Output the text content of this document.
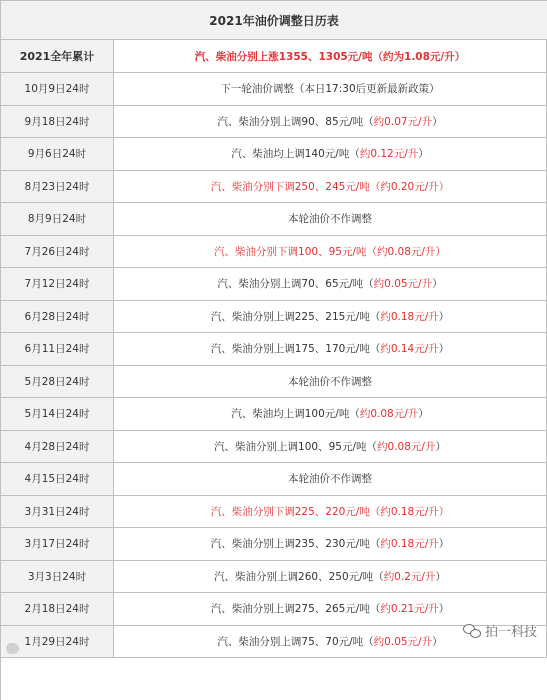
2021年油价调整日历表
2021全年累计	汽、柴油分别上涨1355、1305元/吨（约为1.08元/升）
10月9日24时	下一轮油价调整（本日17:30后更新最新政策）
9月18日24时	汽、柴油分别上调90、85元/吨（ 约0.07元/升 ）
9月6日24时	汽、柴油均上调140元/吨（ 约0.12元/升 ）
8月23日24时	汽、柴油分别下调250、245元/吨（约0.20元/升）
8月9日24时	本轮油价不作调整
7月26日24时	汽、柴油分别下调100、95元/吨（约0.08元/升）
7月12日24时	汽、柴油分别上调70、65元/吨（ 约0.05元/升 ）
6月28日24时	汽、柴油分别上调225、215元/吨（ 约0.18元/升 ）
6月11日24时	汽、柴油分别上调175、170元/吨（ 约0.14元/升 ）
5月28日24时	本轮油价不作调整
5月14日24时	汽、柴油均上调100元/吨（ 约0.08元/升 ）
4月28日24时	汽、柴油分别上调100、95元/吨（ 约0.08元/升 ）
4月15日24时	本轮油价不作调整
3月31日24时	汽、柴油分别下调225、220元/吨（约0.18元/升）
3月17日24时	汽、柴油分别上调235、230元/吨（ 约0.18元/升 ）
3月3日24时	汽、柴油分别上调260、250元/吨（ 约0.2元/升 ）
2月18日24时	汽、柴油分别上调275、265元/吨（ 约0.21元/升 ）
1月29日24时	汽、柴油分别上调75、70元/吨（ 约0.05元/升 ）
拍一科技
